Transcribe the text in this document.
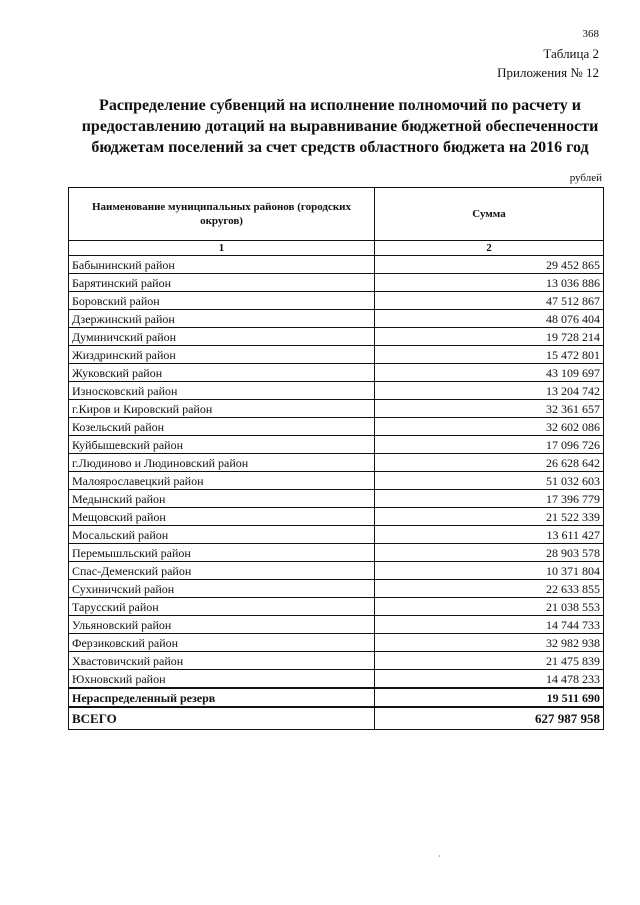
368
Таблица 2
Приложения № 12
Распределение субвенций на исполнение полномочий по расчету и
предоставлению дотаций на выравнивание бюджетной обеспеченности
бюджетам поселений за счет средств областного бюджета на 2016 год
рублей
Наименование муниципальных районов (городских округов)	Сумма
1	2
Бабынинский район	29 452 865
Барятинский район	13 036 886
Боровский район	47 512 867
Дзержинский район	48 076 404
Думиничский район	19 728 214
Жиздринский район	15 472 801
Жуковский район	43 109 697
Износковский район	13 204 742
г.Киров и Кировский район	32 361 657
Козельский район	32 602 086
Куйбышевский район	17 096 726
г.Людиново и Людиновский район	26 628 642
Малоярославецкий район	51 032 603
Медынский район	17 396 779
Мещовский район	21 522 339
Мосальский район	13 611 427
Перемышльский район	28 903 578
Спас-Деменский район	10 371 804
Сухиничский район	22 633 855
Тарусский район	21 038 553
Ульяновский район	14 744 733
Ферзиковский район	32 982 938
Хвастовичский район	21 475 839
Юхновский район	14 478 233
Нераспределенный резерв	19 511 690
ВСЕГО	627 987 958
·
